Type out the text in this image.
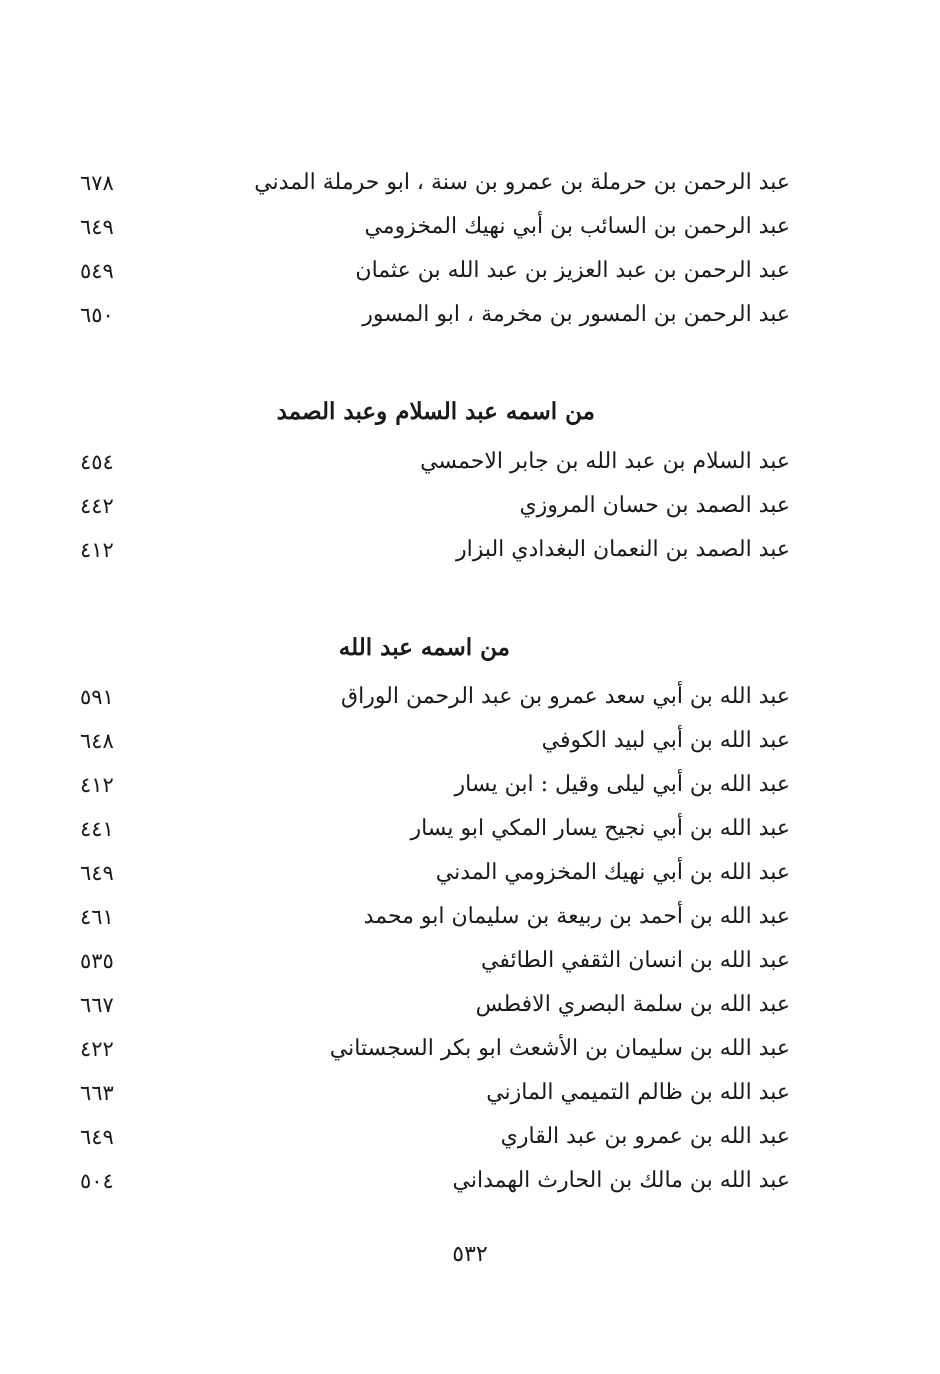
عبد الرحمن بن حرملة بن عمرو بن سنة ، ابو حرملة المدني
٦٧٨
عبد الرحمن بن السائب بن أبي نهيك المخزومي
٦٤٩
عبد الرحمن بن عبد العزيز بن عبد الله بن عثمان
٥٤٩
عبد الرحمن بن المسور بن مخرمة ، ابو المسور
٦٥٠
من اسمه عبد السلام وعبد الصمد
عبد السلام بن عبد الله بن جابر الاحمسي
٤٥٤
عبد الصمد بن حسان المروزي
٤٤٢
عبد الصمد بن النعمان البغدادي البزار
٤١٢
من اسمه عبد الله
عبد الله بن أبي سعد عمرو بن عبد الرحمن الوراق
٥٩١
عبد الله بن أبي لبيد الكوفي
٦٤٨
عبد الله بن أبي ليلى وقيل : ابن يسار
٤١٢
عبد الله بن أبي نجيح يسار المكي ابو يسار
٤٤١
عبد الله بن أبي نهيك المخزومي المدني
٦٤٩
عبد الله بن أحمد بن ربيعة بن سليمان ابو محمد
٤٦١
عبد الله بن انسان الثقفي الطائفي
٥٣٥
عبد الله بن سلمة البصري الافطس
٦٦٧
عبد الله بن سليمان بن الأشعث ابو بكر السجستاني
٤٢٢
عبد الله بن ظالم التميمي المازني
٦٦٣
عبد الله بن عمرو بن عبد القاري
٦٤٩
عبد الله بن مالك بن الحارث الهمداني
٥٠٤
٥٣٢
